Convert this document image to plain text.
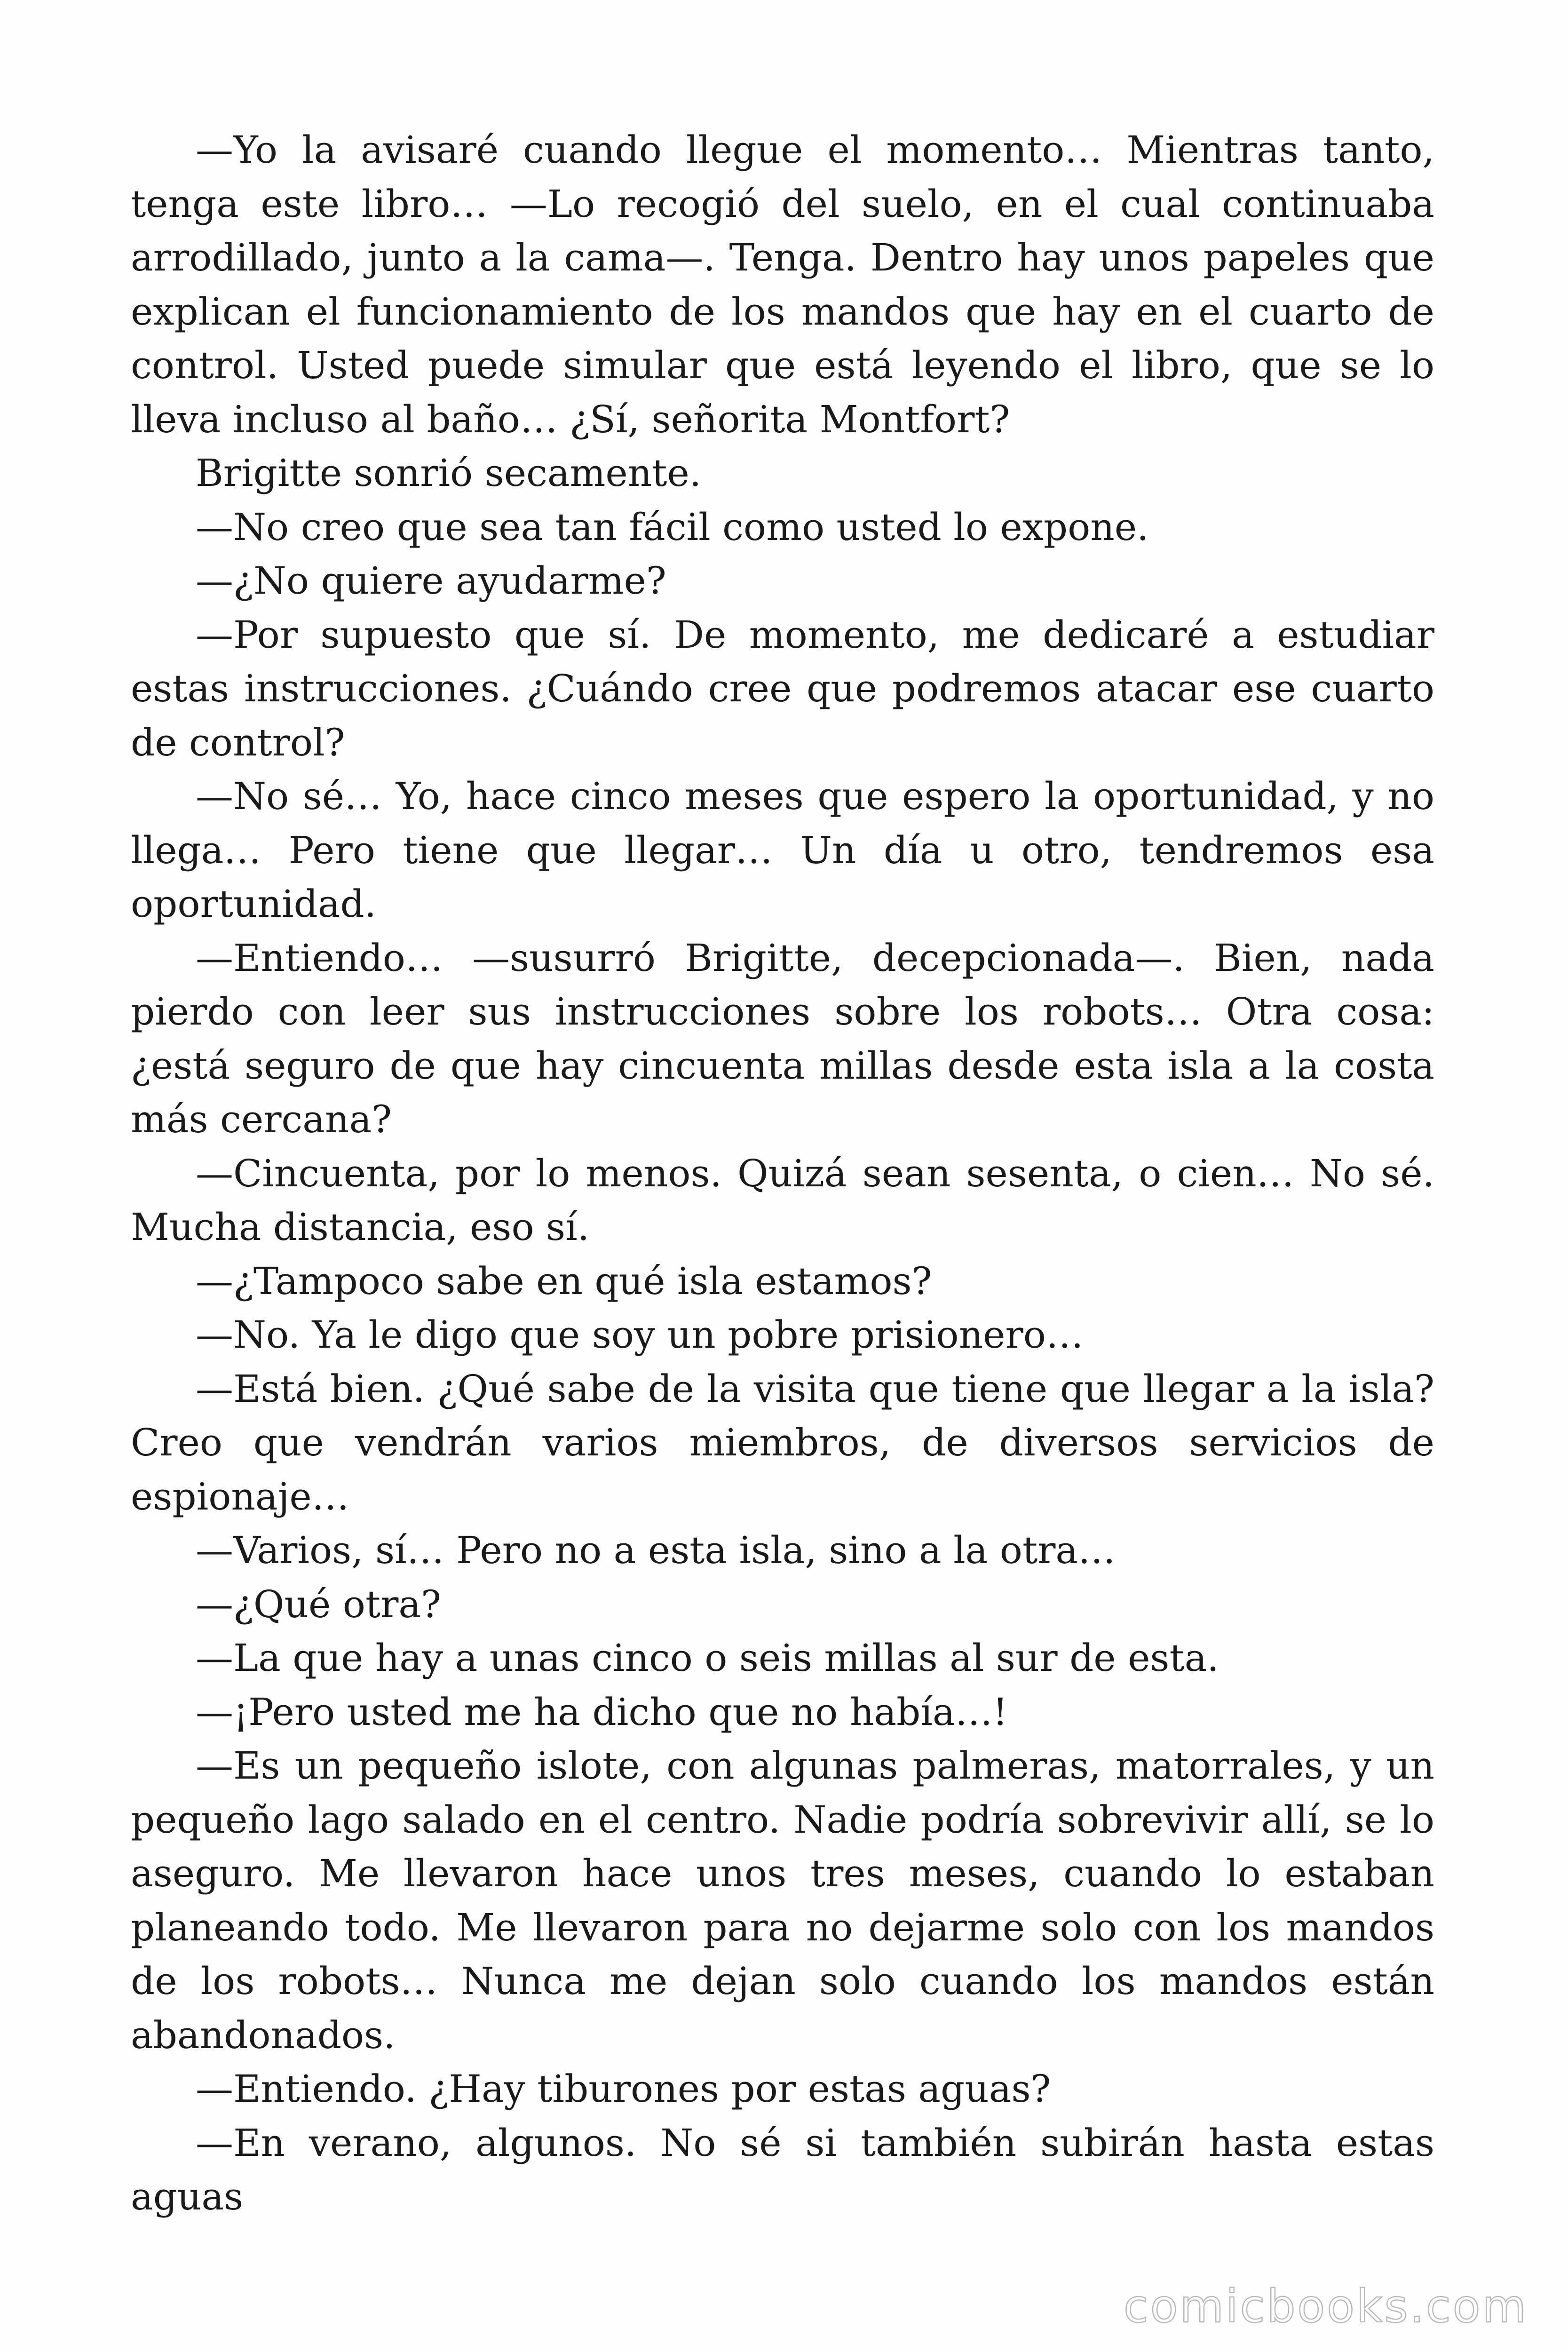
—Yo la avisaré cuando llegue el momento… Mientras tanto, tenga este libro… —Lo recogió del suelo, en el cual continuaba arrodillado, junto a la cama—. Tenga. Dentro hay unos papeles que explican el funcionamiento de los mandos que hay en el cuarto de control. Usted puede simular que está leyendo el libro, que se lo lleva incluso al baño… ¿Sí, señorita Montfort?

Brigitte sonrió secamente.

—No creo que sea tan fácil como usted lo expone.

—¿No quiere ayudarme?

—Por supuesto que sí. De momento, me dedicaré a estudiar estas instrucciones. ¿Cuándo cree que podremos atacar ese cuarto de control?

—No sé… Yo, hace cinco meses que espero la oportunidad, y no llega… Pero tiene que llegar… Un día u otro, tendremos esa oportunidad.

—Entiendo… —susurró Brigitte, decepcionada—. Bien, nada pierdo con leer sus instrucciones sobre los robots… Otra cosa: ¿está seguro de que hay cincuenta millas desde esta isla a la costa más cercana?

—Cincuenta, por lo menos. Quizá sean sesenta, o cien… No sé. Mucha distancia, eso sí.

—¿Tampoco sabe en qué isla estamos?

—No. Ya le digo que soy un pobre prisionero…

—Está bien. ¿Qué sabe de la visita que tiene que llegar a la isla? Creo que vendrán varios miembros, de diversos servicios de espionaje…

—Varios, sí… Pero no a esta isla, sino a la otra…

—¿Qué otra?

—La que hay a unas cinco o seis millas al sur de esta.

—¡Pero usted me ha dicho que no había…!

—Es un pequeño islote, con algunas palmeras, matorrales, y un pequeño lago salado en el centro. Nadie podría sobrevivir allí, se lo aseguro. Me llevaron hace unos tres meses, cuando lo estaban planeando todo. Me llevaron para no dejarme solo con los mandos de los robots… Nunca me dejan solo cuando los mandos están abandonados.

—Entiendo. ¿Hay tiburones por estas aguas?

—En verano, algunos. No sé si también subirán hasta estas aguas

comicbooks.com
